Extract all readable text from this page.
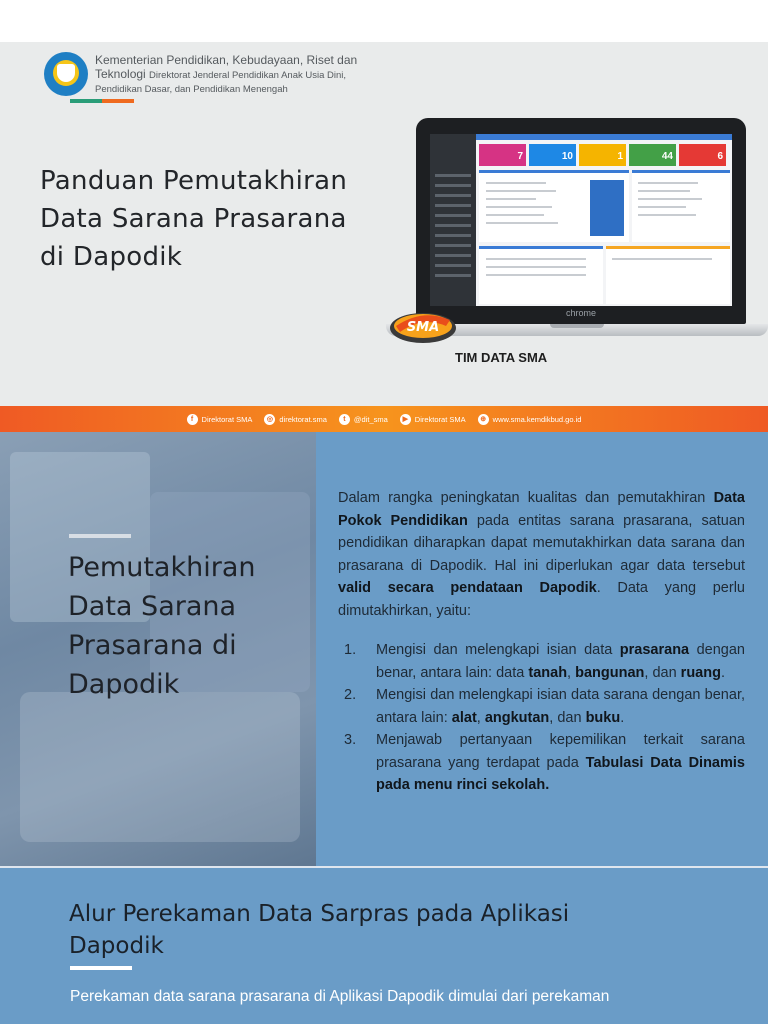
Kementerian Pendidikan, Kebudayaan, Riset dan
Teknologi Direktorat Jenderal Pendidikan Anak Usia Dini,
Pendidikan Dasar, dan Pendidikan Menengah
Panduan Pemutakhiran
Data Sarana Prasarana
di Dapodik
7	10	1	44	6
chrome
SMA
TIM DATA SMA
f	Direktorat SMA	◎ direktorat.sma	t	@dit_sma	▶ Direktorat SMA	⊕ www.sma.kemdikbud.go.id
Pemutakhiran
Data Sarana
Prasarana di
Dapodik
Dalam rangka peningkatan kualitas dan pemutakhiran Data Pokok Pendidikan pada entitas sarana prasarana, satuan pendidikan diharapkan dapat memutakhirkan data sarana dan prasarana di Dapodik. Hal ini diperlukan agar data tersebut valid secara pendataan Dapodik. Data yang perlu dimutakhirkan, yaitu:
1. Mengisi dan melengkapi isian data prasarana dengan benar, antara lain: data tanah, bangunan, dan ruang.
2. Mengisi dan melengkapi isian data sarana dengan benar, antara lain: alat, angkutan, dan buku.
3. Menjawab pertanyaan kepemilikan terkait sarana prasarana yang terdapat pada Tabulasi Data Dinamis pada menu rinci sekolah.
Alur Perekaman Data Sarpras pada Aplikasi
Dapodik
Perekaman data sarana prasarana di Aplikasi Dapodik dimulai dari perekaman
